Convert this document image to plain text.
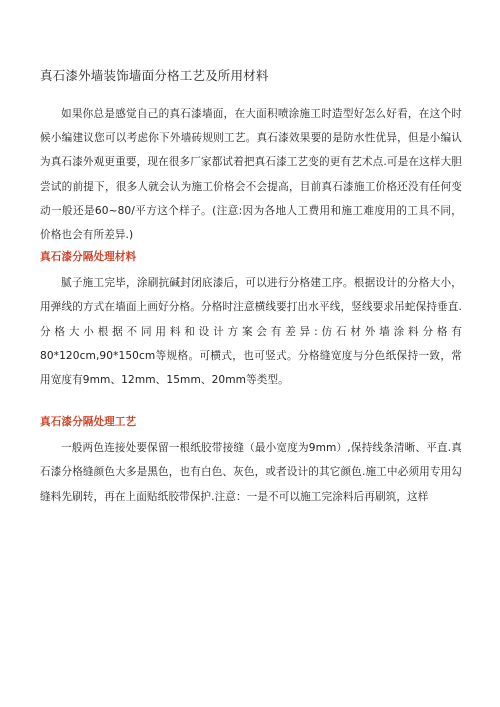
真石漆外墙装饰墙面分格工艺及所用材料

如果你总是感觉自己的真石漆墙面，在大面积喷涂施工时造型好怎么好看，在这个时候小编建议您可以考虑你下外墙砖规则工艺。真石漆效果要的是防水性优异，但是小编认为真石漆外观更重要，现在很多厂家都试着把真石漆工艺变的更有艺术点.可是在这样大胆尝试的前提下，很多人就会认为施工价格会不会提高，目前真石漆施工价格还没有任何变动一般还是60~80/平方这个样子。(注意:因为各地人工费用和施工难度用的工具不同，价格也会有所差异.)

真石漆分隔处理材料

腻子施工完毕，涂刷抗碱封闭底漆后，可以进行分格建工序。根据设计的分格大小，用弹线的方式在墙面上画好分格。分格时注意横线要打出水平线，竖线要求吊蛇保持垂直.分格大小根据不同用料和设计方案会有差异:仿石材外墙涂料分格有80*120cm,90*150cm等规格。可横式，也可竖式。分格缝宽度与分色纸保持一致，常用宽度有9mm、12mm、15mm、20mm等类型。

真石漆分隔处理工艺

一般两色连接处要保留一根纸胶带接缝（最小宽度为9mm）,保持线条清晰、平直.真石漆分格缝颜色大多是黑色，也有白色、灰色，或者设计的其它颜色.施工中必须用专用勾缝料先刷转，再在上面贴纸胶带保护.注意：一是不可以施工完涂料后再刷筑，这样
